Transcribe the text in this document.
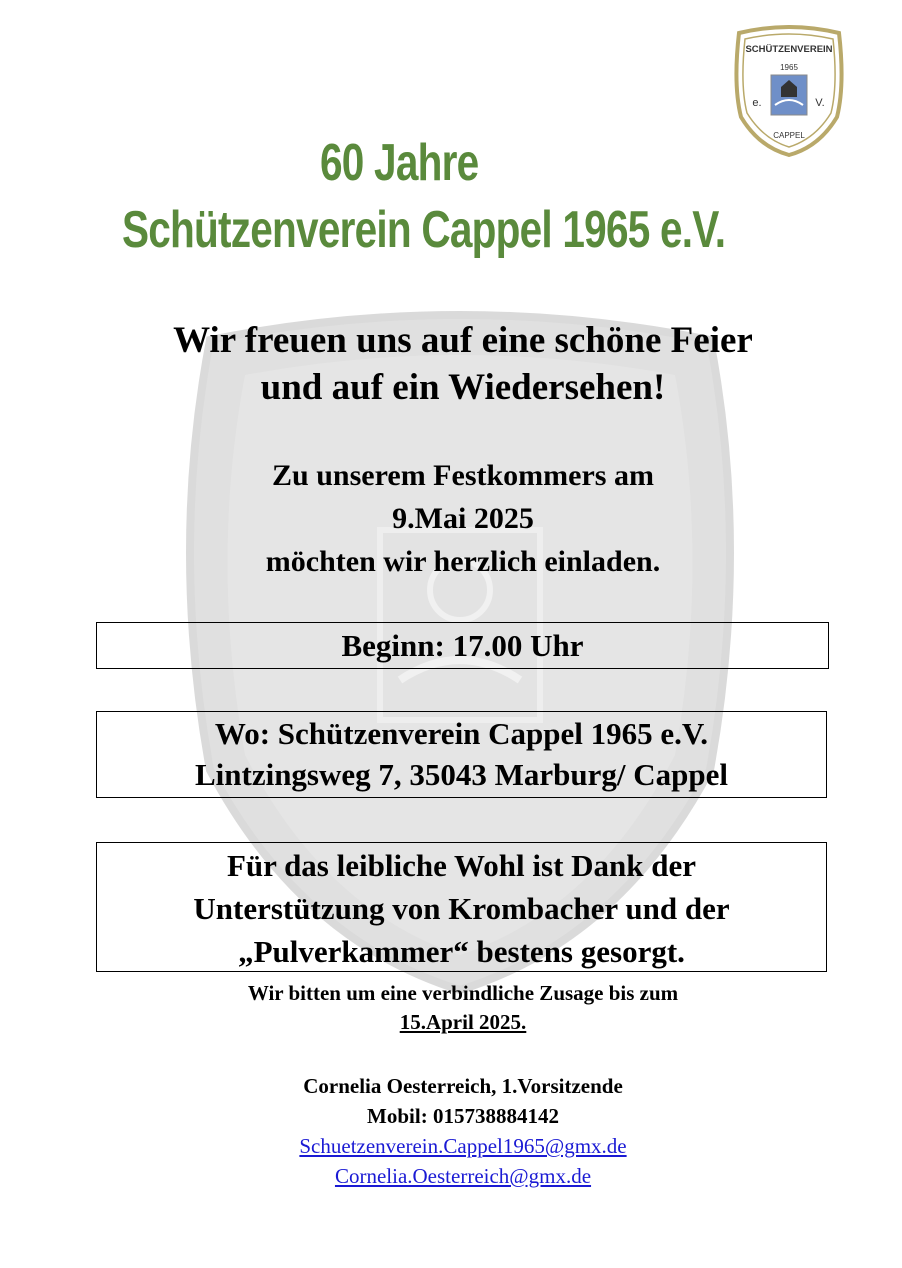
SCHÜTZENVEREIN
1965
e.	V.
CAPPEL
60 Jahre
Schützenverein Cappel 1965 e.V.
Wir freuen uns auf eine schöne Feier
und auf ein Wiedersehen!
Zu unserem Festkommers am
9.Mai 2025
möchten wir herzlich einladen.
Beginn: 17.00 Uhr
Wo: Schützenverein Cappel 1965 e.V.
Lintzingsweg 7, 35043 Marburg/ Cappel
Für das leibliche Wohl ist Dank der
Unterstützung von Krombacher und der
„Pulverkammer“ bestens gesorgt.
Wir bitten um eine verbindliche Zusage bis zum
15.April 2025.
Cornelia Oesterreich, 1.Vorsitzende
Mobil: 015738884142
Schuetzenverein.Cappel1965@gmx.de
Cornelia.Oesterreich@gmx.de
